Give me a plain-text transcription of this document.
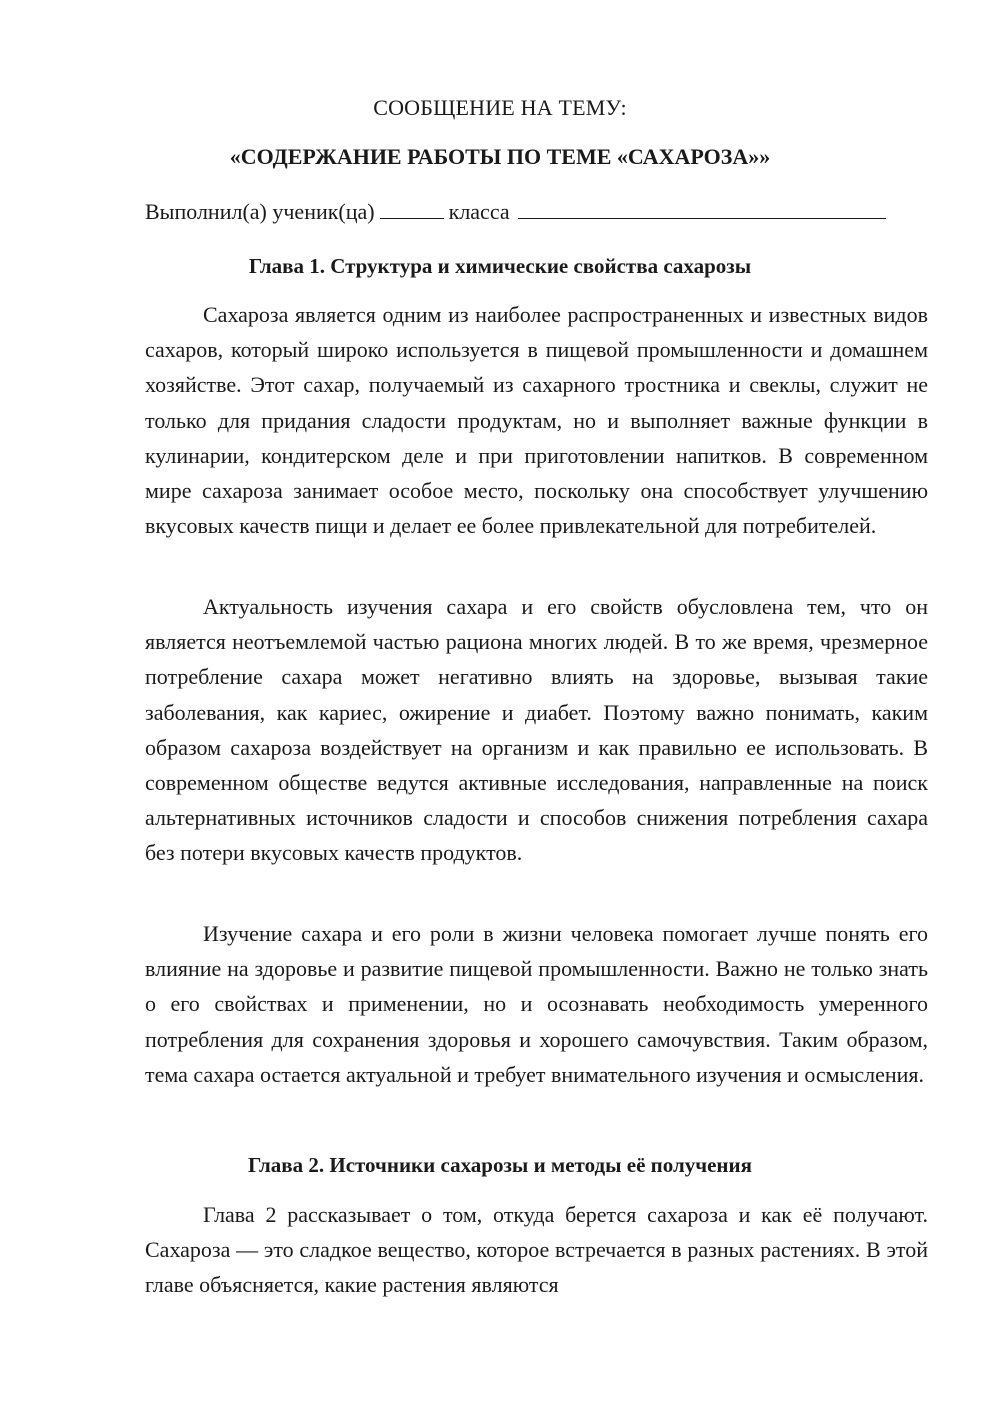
СООБЩЕНИЕ НА ТЕМУ:
«СОДЕРЖАНИЕ РАБОТЫ ПО ТЕМЕ «САХАРОЗА»»
Выполнил(а) ученик(ца)	класса
Глава 1. Структура и химические свойства сахарозы

Сахароза является одним из наиболее распространенных и известных видов сахаров, который широко используется в пищевой промышленности и домашнем хозяйстве. Этот сахар, получаемый из сахарного тростника и свеклы, служит не только для придания сладости продуктам, но и выполняет важные функции в кулинарии, кондитерском деле и при приготовлении напитков. В современном мире сахароза занимает особое место, поскольку она способствует улучшению вкусовых качеств пищи и делает ее более привлекательной для потребителей.

Актуальность изучения сахара и его свойств обусловлена тем, что он является неотъемлемой частью рациона многих людей. В то же время, чрезмерное потребление сахара может негативно влиять на здоровье, вызывая такие заболевания, как кариес, ожирение и диабет. Поэтому важно понимать, каким образом сахароза воздействует на организм и как правильно ее использовать. В современном обществе ведутся активные исследования, направленные на поиск альтернативных источников сладости и способов снижения потребления сахара без потери вкусовых качеств продуктов.

Изучение сахара и его роли в жизни человека помогает лучше понять его влияние на здоровье и развитие пищевой промышленности. Важно не только знать о его свойствах и применении, но и осознавать необходимость умеренного потребления для сохранения здоровья и хорошего самочувствия. Таким образом, тема сахара остается актуальной и требует внимательного изучения и осмысления.

Глава 2. Источники сахарозы и методы её получения

Глава 2 рассказывает о том, откуда берется сахароза и как её получают. Сахароза — это сладкое вещество, которое встречается в разных растениях. В этой главе объясняется, какие растения являются
